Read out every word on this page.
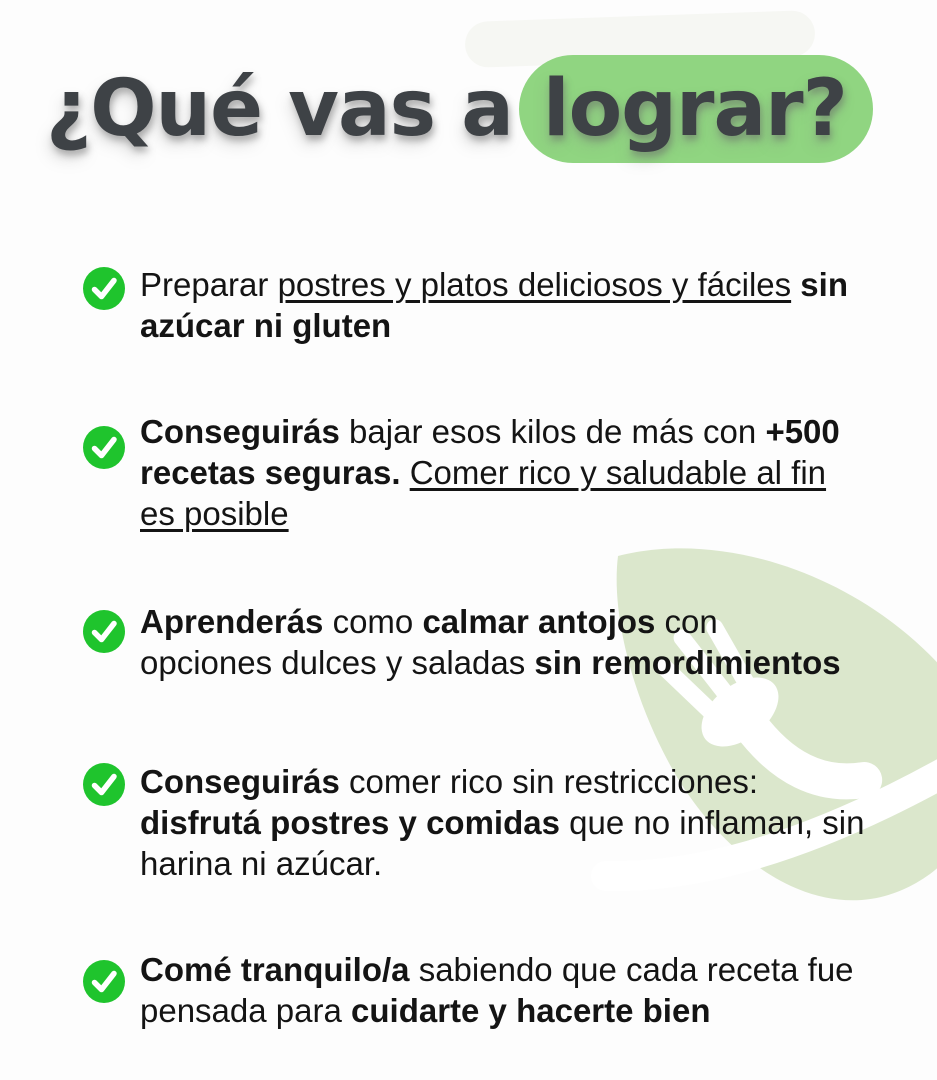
¿Qué vas a lograr?
Preparar postres y platos deliciosos y fáciles sin
azúcar ni gluten
Conseguirás bajar esos kilos de más con +500
recetas seguras. Comer rico y saludable al fin
es posible
Aprenderás como calmar antojos con
opciones dulces y saladas sin remordimientos
Conseguirás comer rico sin restricciones:
disfrutá postres y comidas que no inflaman, sin
harina ni azúcar.
Comé tranquilo/a sabiendo que cada receta fue
pensada para cuidarte y hacerte bien
